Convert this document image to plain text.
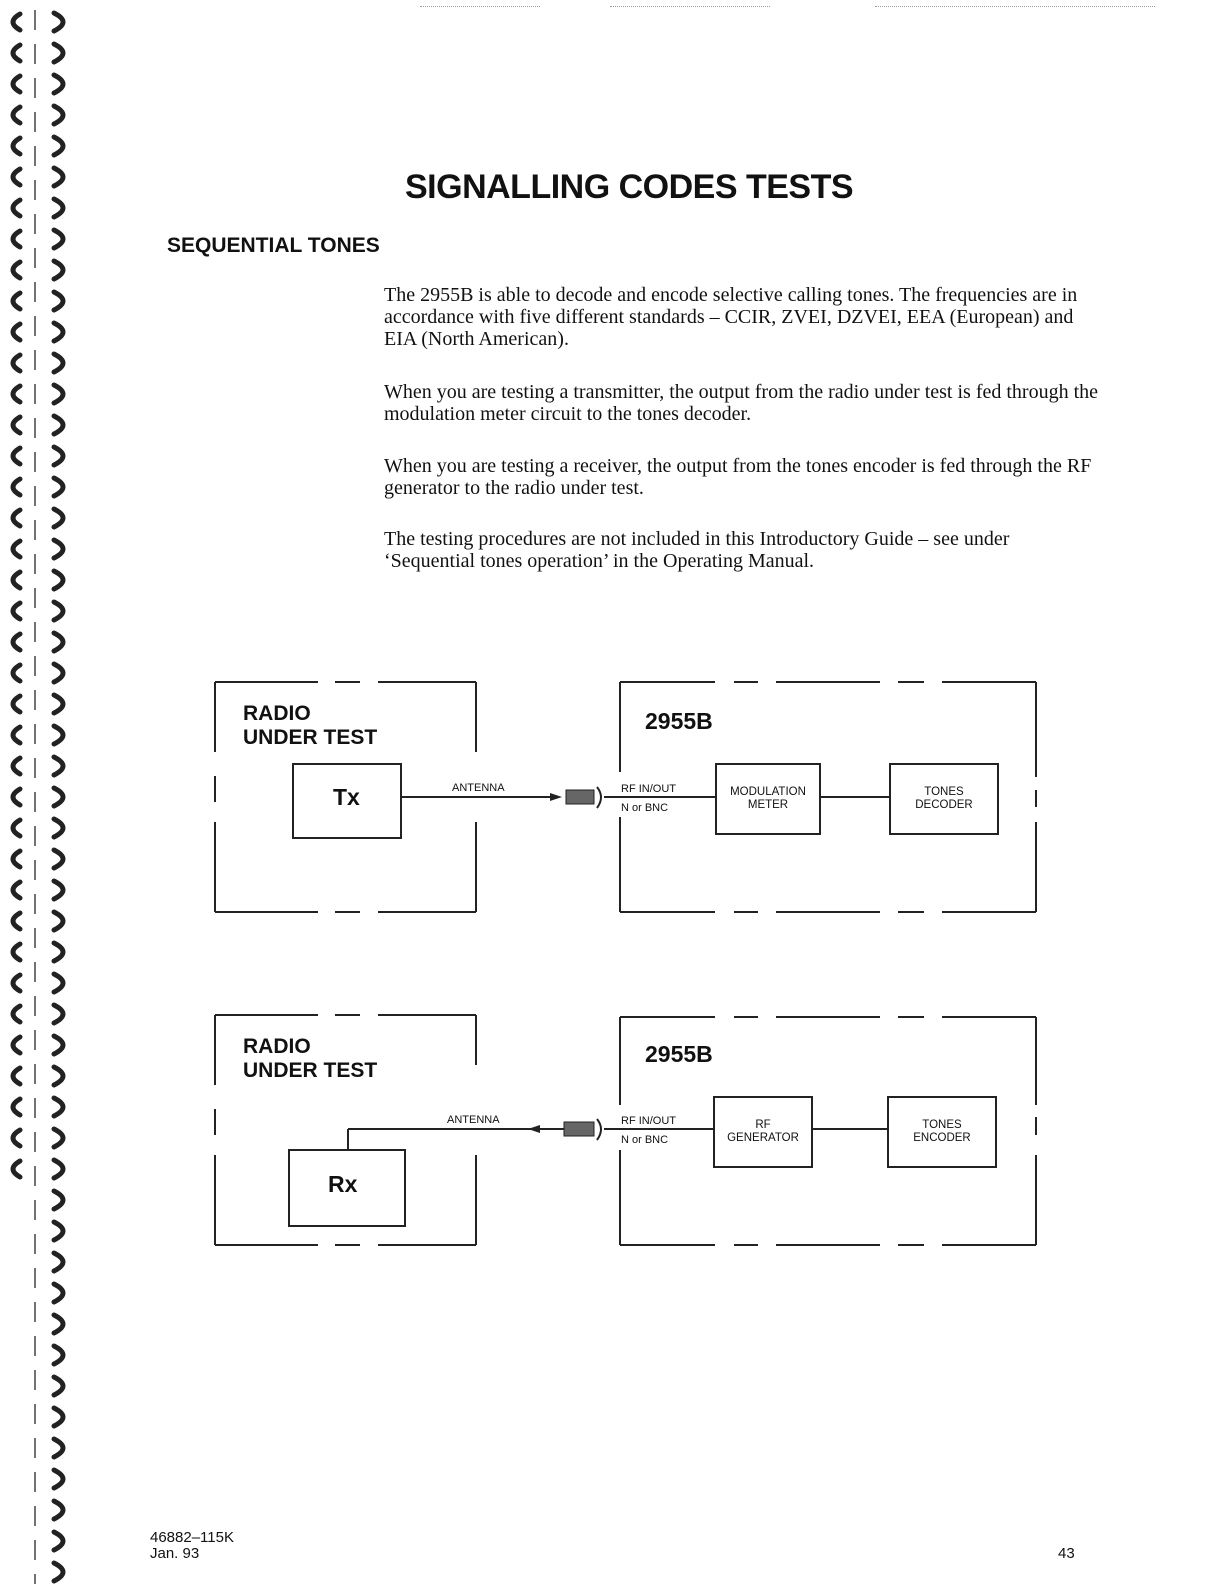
SIGNALLING CODES TESTS
SEQUENTIAL TONES

The 2955B is able to decode and encode selective calling tones. The frequencies are in accordance with five different standards – CCIR, ZVEI, DZVEI, EEA (European) and EIA (North American).

When you are testing a transmitter, the output from the radio under test is fed through the modulation meter circuit to the tones decoder.

When you are testing a receiver, the output from the tones encoder is fed through the RF generator to the radio under test.

The testing procedures are not included in this Introductory Guide – see under ‘Sequential tones operation’ in the Operating Manual.

RADIO
UNDER TEST
Tx
2955B
ANTENNA	RF IN/OUT
N or BNC
MODULATION
METER
TONES
DECODER
RADIO
UNDER TEST
Rx
2955B
ANTENNA	RF IN/OUT
N or BNC
RF
GENERATOR
TONES
ENCODER
46882–115K
Jan. 93	43
